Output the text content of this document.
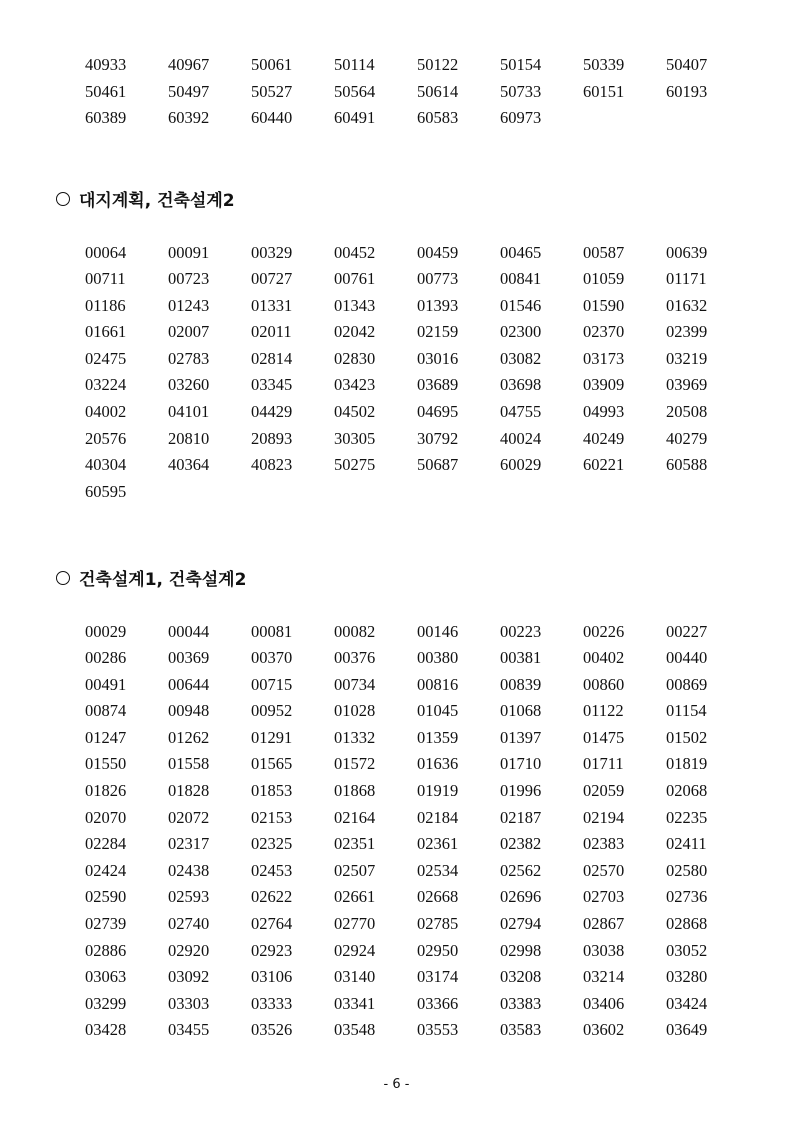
40933	40967	50061	50114	50122	50154	50339	50407
50461	50497	50527	50564	50614	50733	60151	60193
60389	60392	60440	60491	60583	60973
대지계획, 건축설계2
00064	00091	00329	00452	00459	00465	00587	00639
00711	00723	00727	00761	00773	00841	01059	01171
01186	01243	01331	01343	01393	01546	01590	01632
01661	02007	02011	02042	02159	02300	02370	02399
02475	02783	02814	02830	03016	03082	03173	03219
03224	03260	03345	03423	03689	03698	03909	03969
04002	04101	04429	04502	04695	04755	04993	20508
20576	20810	20893	30305	30792	40024	40249	40279
40304	40364	40823	50275	50687	60029	60221	60588
60595
건축설계1, 건축설계2
00029	00044	00081	00082	00146	00223	00226	00227
00286	00369	00370	00376	00380	00381	00402	00440
00491	00644	00715	00734	00816	00839	00860	00869
00874	00948	00952	01028	01045	01068	01122	01154
01247	01262	01291	01332	01359	01397	01475	01502
01550	01558	01565	01572	01636	01710	01711	01819
01826	01828	01853	01868	01919	01996	02059	02068
02070	02072	02153	02164	02184	02187	02194	02235
02284	02317	02325	02351	02361	02382	02383	02411
02424	02438	02453	02507	02534	02562	02570	02580
02590	02593	02622	02661	02668	02696	02703	02736
02739	02740	02764	02770	02785	02794	02867	02868
02886	02920	02923	02924	02950	02998	03038	03052
03063	03092	03106	03140	03174	03208	03214	03280
03299	03303	03333	03341	03366	03383	03406	03424
03428	03455	03526	03548	03553	03583	03602	03649
- 6 -
